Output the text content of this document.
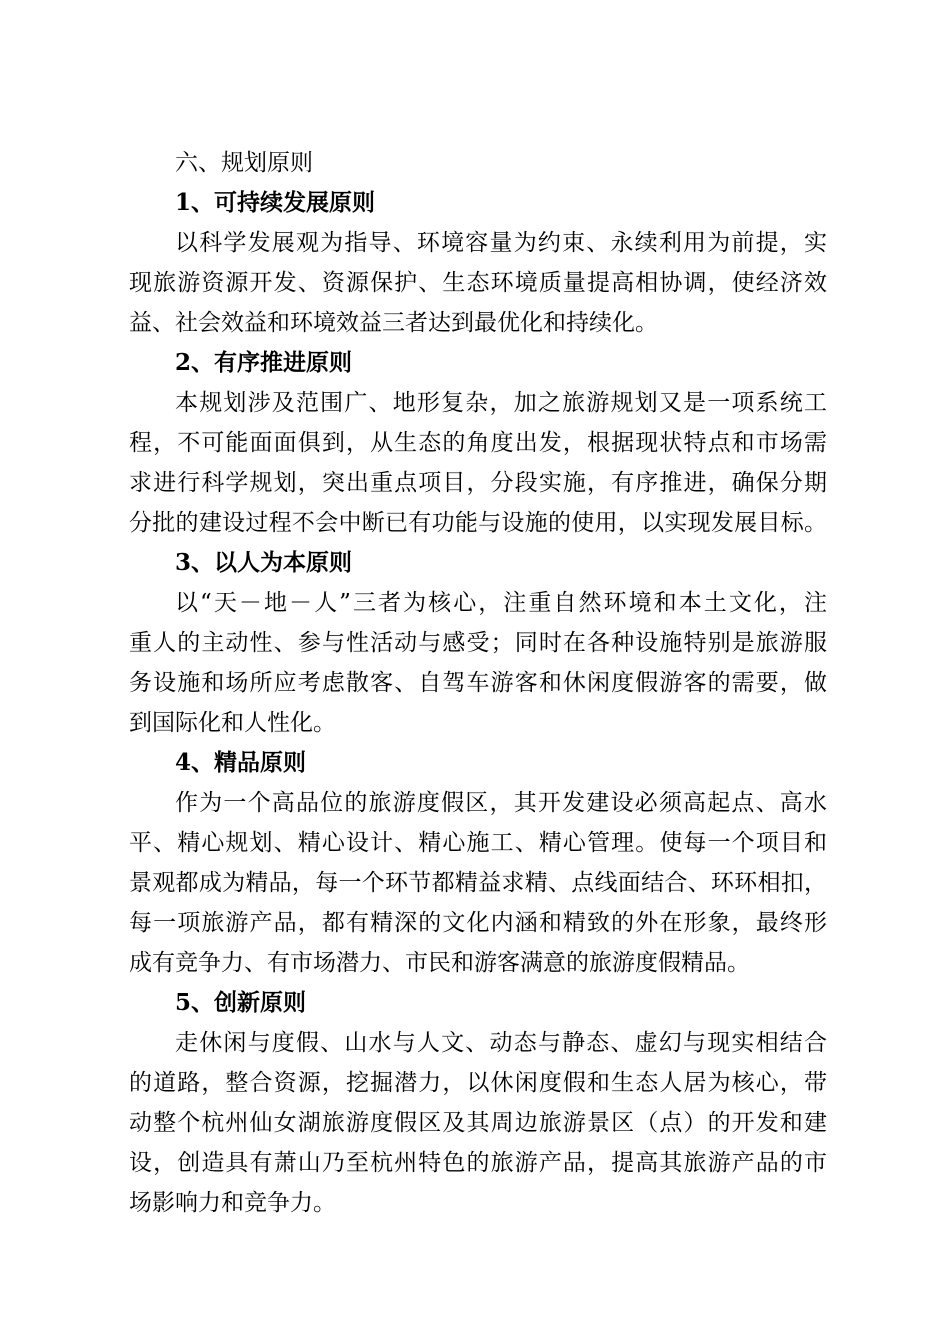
六、规划原则

1、可持续发展原则

以科学发展观为指导、环境容量为约束、永续利用为前提，实

现旅游资源开发、资源保护、生态环境质量提高相协调，使经济效

益、社会效益和环境效益三者达到最优化和持续化。

2、有序推进原则

本规划涉及范围广、地形复杂，加之旅游规划又是一项系统工

程，不可能面面俱到，从生态的角度出发，根据现状特点和市场需

求进行科学规划，突出重点项目，分段实施，有序推进，确保分期

分批的建设过程不会中断已有功能与设施的使用，以实现发展目标。

3、以人为本原则

以“天－地－人”三者为核心，注重自然环境和本土文化，注

重人的主动性、参与性活动与感受；同时在各种设施特别是旅游服

务设施和场所应考虑散客、自驾车游客和休闲度假游客的需要，做

到国际化和人性化。

4、精品原则

作为一个高品位的旅游度假区，其开发建设必须高起点、高水

平、精心规划、精心设计、精心施工、精心管理。使每一个项目和

景观都成为精品，每一个环节都精益求精、点线面结合、环环相扣，

每一项旅游产品，都有精深的文化内涵和精致的外在形象，最终形

成有竞争力、有市场潜力、市民和游客满意的旅游度假精品。

5、创新原则

走休闲与度假、山水与人文、动态与静态、虚幻与现实相结合

的道路，整合资源，挖掘潜力，以休闲度假和生态人居为核心，带

动整个杭州仙女湖旅游度假区及其周边旅游景区（点）的开发和建

设，创造具有萧山乃至杭州特色的旅游产品，提高其旅游产品的市

场影响力和竞争力。
